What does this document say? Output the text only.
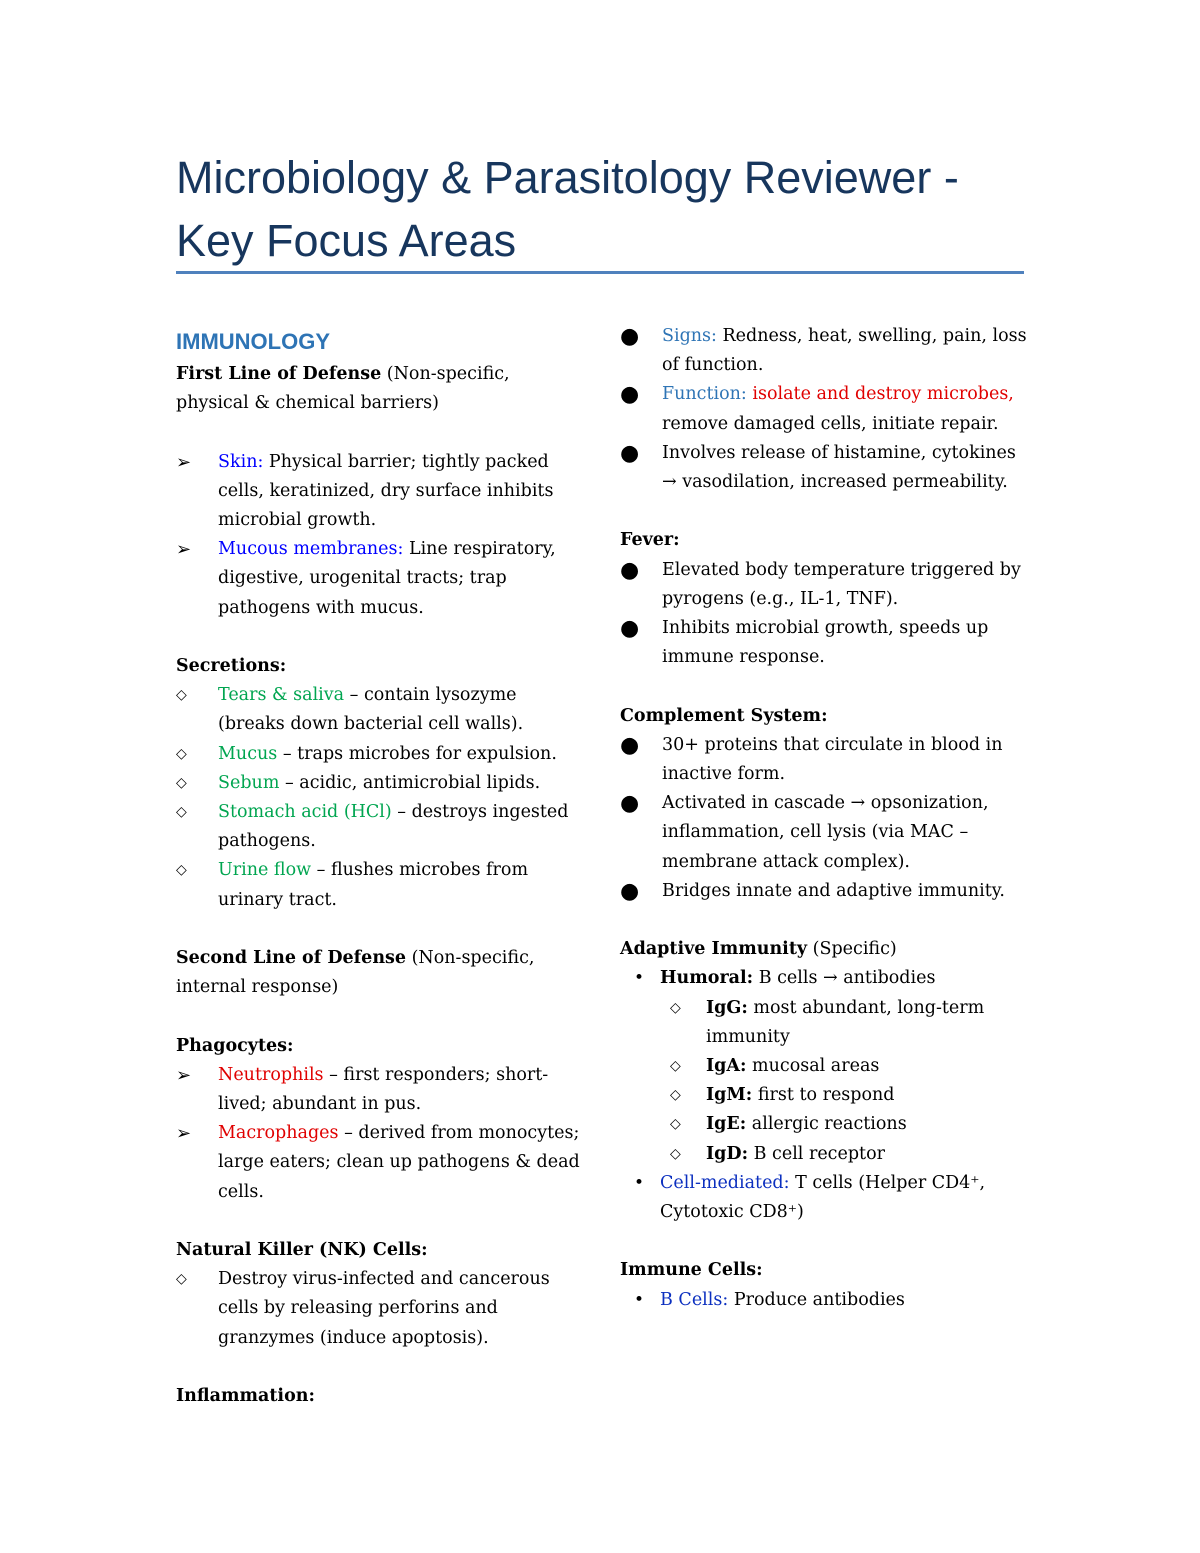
Microbiology & Parasitology Reviewer - Key Focus Areas
IMMUNOLOGY
First Line of Defense (Non-specific, physical & chemical barriers)
➢	Skin: Physical barrier; tightly packed cells, keratinized, dry surface inhibits microbial growth.
➢	Mucous membranes: Line respiratory, digestive, urogenital tracts; trap pathogens with mucus.
Secretions:
◇	Tears & saliva – contain lysozyme (breaks down bacterial cell walls).
◇	Mucus – traps microbes for expulsion.
◇	Sebum – acidic, antimicrobial lipids.
◇	Stomach acid (HCl) – destroys ingested pathogens.
◇	Urine flow – flushes microbes from urinary tract.
Second Line of Defense (Non-specific, internal response)
Phagocytes:
➢	Neutrophils – first responders; short-lived; abundant in pus.
➢	Macrophages – derived from monocytes; large eaters; clean up pathogens & dead cells.
Natural Killer (NK) Cells:
◇	Destroy virus-infected and cancerous cells by releasing perforins and granzymes (induce apoptosis).
Inflammation:
●	Signs: Redness, heat, swelling, pain, loss of function.
●	Function: isolate and destroy microbes, remove damaged cells, initiate repair.
●	Involves release of histamine, cytokines → vasodilation, increased permeability.
Fever:
●	Elevated body temperature triggered by pyrogens (e.g., IL-1, TNF).
●	Inhibits microbial growth, speeds up immune response.
Complement System:
●	30+ proteins that circulate in blood in inactive form.
●	Activated in cascade → opsonization, inflammation, cell lysis (via MAC – membrane attack complex).
●	Bridges innate and adaptive immunity.
Adaptive Immunity (Specific)
• Humoral: B cells → antibodies
◇	IgG: most abundant, long-term immunity
◇	IgA: mucosal areas
◇	IgM: first to respond
◇	IgE: allergic reactions
◇	IgD: B cell receptor
• Cell-mediated: T cells (Helper CD4⁺, Cytotoxic CD8⁺)
Immune Cells:
• B Cells: Produce antibodies
